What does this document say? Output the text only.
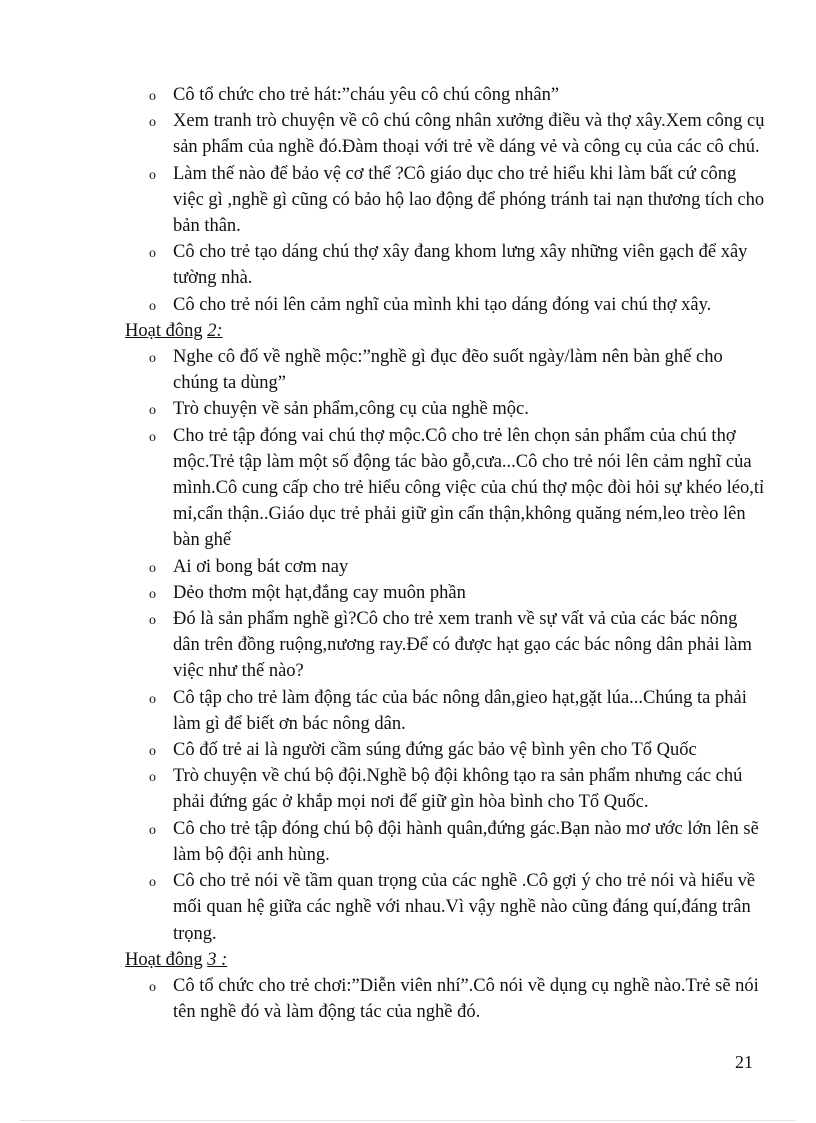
o Cô tổ chức cho trẻ hát:”cháu yêu cô chú công nhân”
o Xem tranh trò chuyện về cô chú công nhân xưởng điều và thợ xây.Xem công cụ sản phẩm của nghề đó.Đàm thoại với trẻ về dáng vẻ và công cụ của các cô chú.
o Làm thế nào để bảo vệ cơ thể ?Cô giáo dục cho trẻ hiểu khi làm bất cứ công việc gì ,nghề gì cũng có bảo hộ lao động để phóng tránh tai nạn thương tích cho bản thân.
o Cô cho trẻ tạo dáng chú thợ xây đang khom lưng xây những viên gạch để xây tường nhà.
o Cô cho trẻ nói lên cảm nghĩ của mình khi tạo dáng đóng vai chú thợ xây.
Hoạt đông 2:
o Nghe cô đố về nghề mộc:”nghề gì đục đẽo suốt ngày/làm nên bàn ghế cho chúng ta dùng”
o Trò chuyện về sản phẩm,công cụ của nghề mộc.
o Cho trẻ tập đóng vai chú thợ mộc.Cô cho trẻ lên chọn sản phẩm của chú thợ mộc.Trẻ tập làm một số động tác bào gỗ,cưa...Cô cho trẻ nói lên cảm nghĩ của mình.Cô cung cấp cho trẻ hiểu công việc của chú thợ mộc đòi hỏi sự khéo léo,tỉ mỉ,cẩn thận..Giáo dục trẻ phải giữ gìn cẩn thận,không quăng ném,leo trèo lên bàn ghế
o Ai ơi bong bát cơm nay
o Dẻo thơm một hạt,đắng cay muôn phần
o Đó là sản phẩm nghề gì?Cô cho trẻ xem tranh về sự vất vả của các bác nông dân trên đồng ruộng,nương ray.Để có được hạt gạo các bác nông dân phải làm việc như thế nào?
o Cô tập cho trẻ làm động tác của bác nông dân,gieo hạt,gặt lúa...Chúng ta phải làm gì để biết ơn bác nông dân.
o Cô đố trẻ ai là người cầm súng đứng gác bảo vệ bình yên cho Tổ Quốc
o Trò chuyện về chú bộ đội.Nghề bộ đội không tạo ra sản phẩm nhưng các chú phải đứng gác ở khắp mọi nơi để giữ gìn hòa bình cho Tổ Quốc.
o Cô cho trẻ tập đóng chú bộ đội hành quân,đứng gác.Bạn nào mơ ước lớn lên sẽ làm bộ đội anh hùng.
o Cô cho trẻ nói về tầm quan trọng của các nghề .Cô gợi ý cho trẻ nói và hiểu về mối quan hệ giữa các nghề với nhau.Vì vậy nghề nào cũng đáng quí,đáng trân trọng.
Hoạt đông 3 :
o Cô tổ chức cho trẻ chơi:”Diễn viên nhí”.Cô nói về dụng cụ nghề nào.Trẻ sẽ nói tên nghề đó và làm động tác của nghề đó.
21
